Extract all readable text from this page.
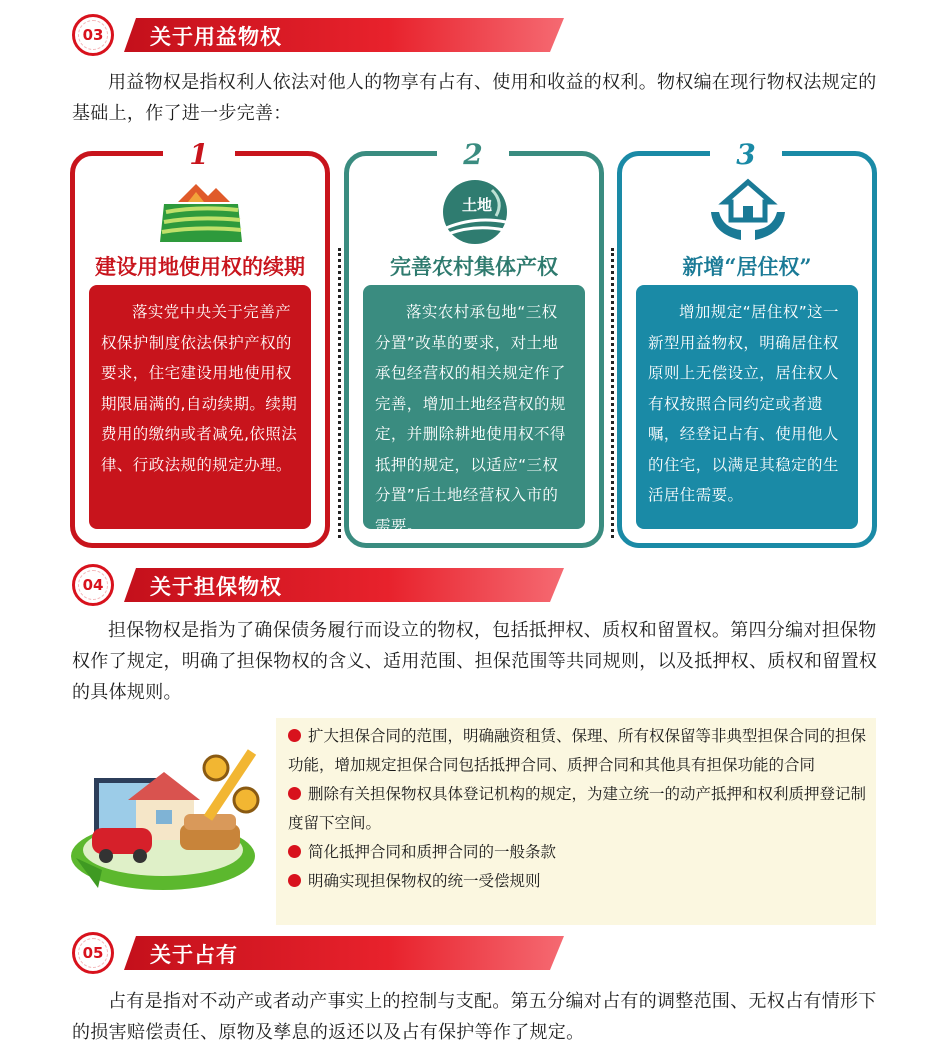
03	关于用益物权
用益物权是指权利人依法对他人的物享有占有、使用和收益的权利。物权编在现行物权法规定的基础上，作了进一步完善：
1
建设用地使用权的续期
落实党中央关于完善产权保护制度依法保护产权的要求，住宅建设用地使用权期限届满的,自动续期。续期费用的缴纳或者减免,依照法律、行政法规的规定办理。
2
土地
完善农村集体产权
落实农村承包地“三权分置”改革的要求，对土地承包经营权的相关规定作了完善，增加土地经营权的规定，并删除耕地使用权不得抵押的规定，以适应“三权分置”后土地经营权入市的需要。
3
新增“居住权”
增加规定“居住权”这一新型用益物权，明确居住权原则上无偿设立，居住权人有权按照合同约定或者遗嘱，经登记占有、使用他人的住宅，以满足其稳定的生活居住需要。
04	关于担保物权
担保物权是指为了确保债务履行而设立的物权，包括抵押权、质权和留置权。第四分编对担保物权作了规定，明确了担保物权的含义、适用范围、担保范围等共同规则，以及抵押权、质权和留置权的具体规则。

扩大担保合同的范围，明确融资租赁、保理、所有权保留等非典型担保合同的担保功能，增加规定担保合同包括抵押合同、质押合同和其他具有担保功能的合同

删除有关担保物权具体登记机构的规定，为建立统一的动产抵押和权利质押登记制度留下空间。

简化抵押合同和质押合同的一般条款

明确实现担保物权的统一受偿规则

05	关于占有
占有是指对不动产或者动产事实上的控制与支配。第五分编对占有的调整范围、无权占有情形下的损害赔偿责任、原物及孳息的返还以及占有保护等作了规定。
